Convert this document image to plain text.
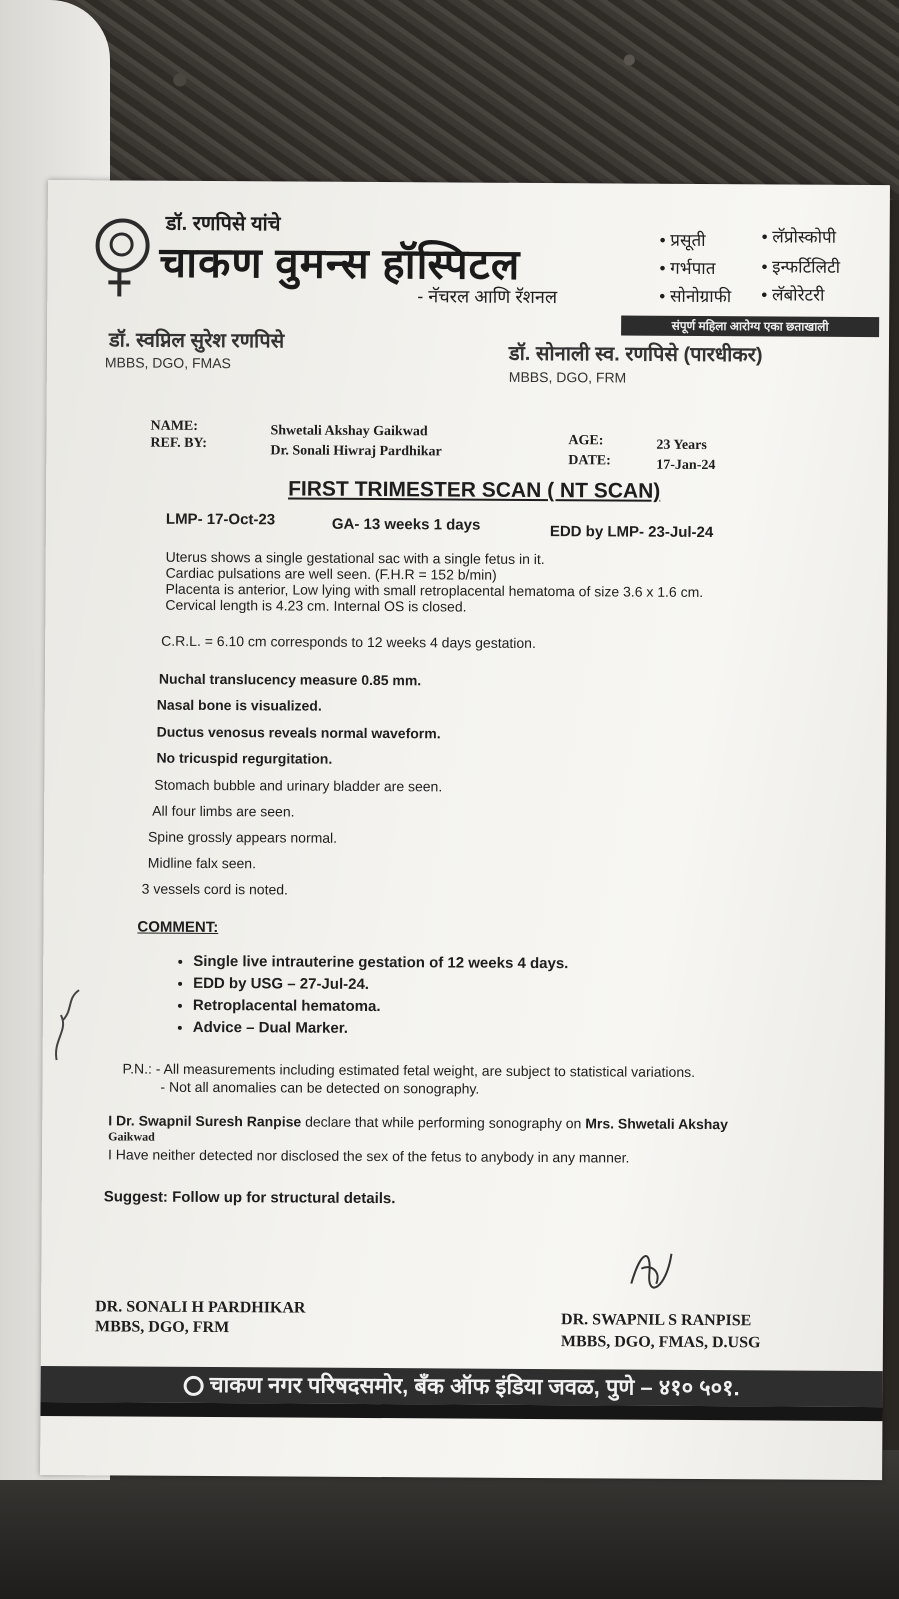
डॉ. रणपिसे यांचे
चाकण वुमन्स हॉस्पिटल
- नॅचरल आणि रॅशनल
• प्रसूती	• लॅप्रोस्कोपी
• गर्भपात	• इन्फर्टिलिटी
• सोनोग्राफी • लॅबोरेटरी
संपूर्ण महिला आरोग्य एका छताखाली
डॉ. स्वप्निल सुरेश रणपिसे
MBBS, DGO, FMAS	डॉ. सोनाली स्व. रणपिसे (पारधीकर)
MBBS, DGO, FRM
NAME:	Shwetali Akshay Gaikwad
REF. BY:
Dr. Sonali Hiwraj Pardhikar
AGE:	23 Years
DATE:	17-Jan-24
FIRST TRIMESTER SCAN ( NT SCAN)
LMP- 17-Oct-23	GA- 13 weeks 1 days	EDD by LMP- 23-Jul-24
Uterus shows a single gestational sac with a single fetus in it.
Cardiac pulsations are well seen. (F.H.R = 152 b/min)
Placenta is anterior, Low lying with small retroplacental hematoma of size 3.6 x 1.6 cm.
Cervical length is 4.23 cm. Internal OS is closed.
C.R.L. = 6.10 cm corresponds to 12 weeks 4 days gestation.
Nuchal translucency measure 0.85 mm.
Nasal bone is visualized.
Ductus venosus reveals normal waveform.
No tricuspid regurgitation.
Stomach bubble and urinary bladder are seen.
All four limbs are seen.
Spine grossly appears normal.
Midline falx seen.
3 vessels cord is noted.
COMMENT:
• Single live intrauterine gestation of 12 weeks 4 days.
• EDD by USG – 27-Jul-24.
• Retroplacental hematoma.
• Advice – Dual Marker.
P.N.: - All measurements including estimated fetal weight, are subject to statistical variations.
- Not all anomalies can be detected on sonography.
I Dr. Swapnil Suresh Ranpise declare that while performing sonography on Mrs. Shwetali Akshay
Gaikwad
I Have neither detected nor disclosed the sex of the fetus to anybody in any manner.
Suggest: Follow up for structural details.
DR. SONALI H PARDHIKAR
MBBS, DGO, FRM	DR. SWAPNIL S RANPISE
MBBS, DGO, FMAS, D.USG
चाकण नगर परिषदसमोर, बँक ऑफ इंडिया जवळ, पुणे – ४१० ५०१.
